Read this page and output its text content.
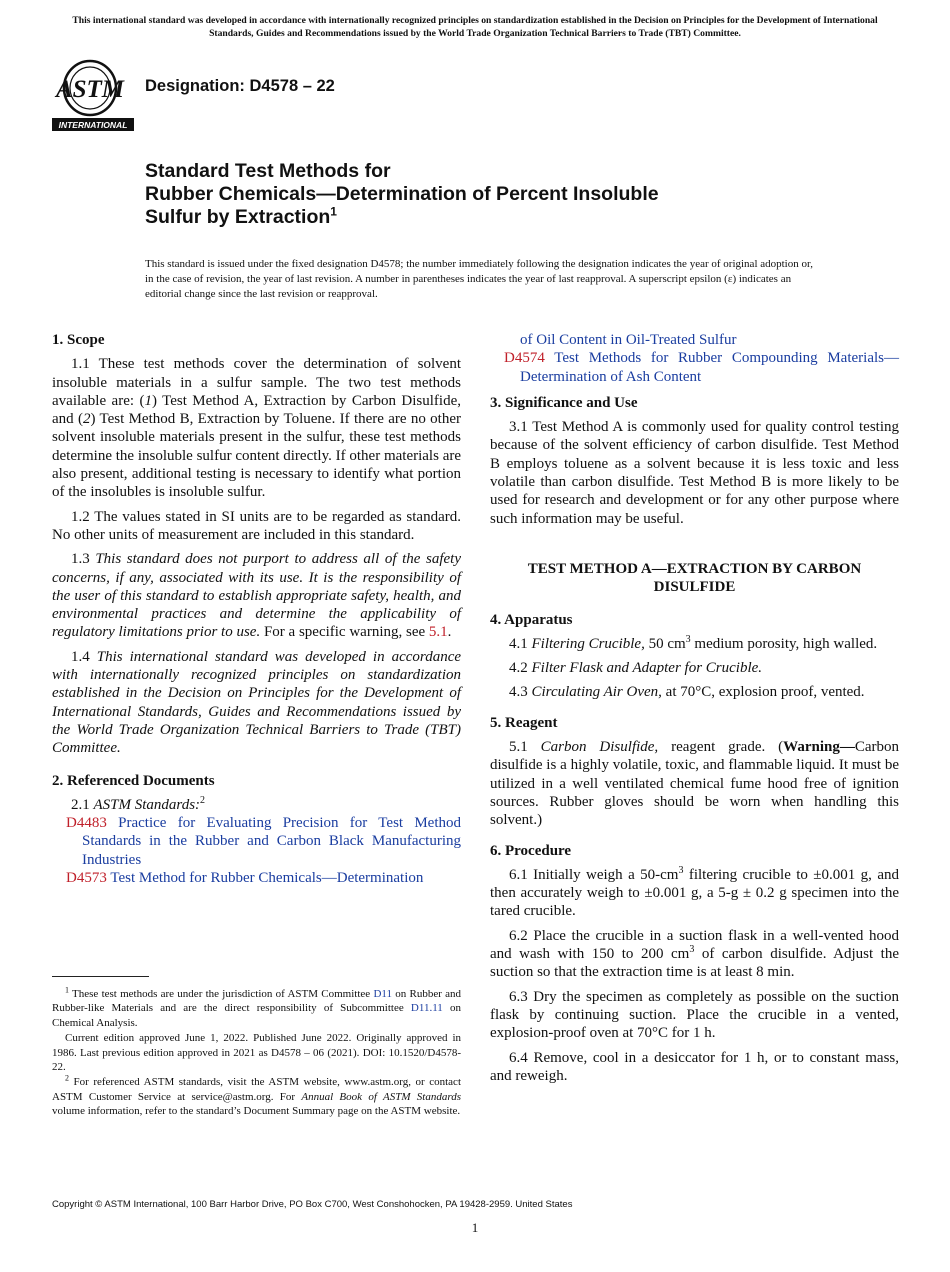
This international standard was developed in accordance with internationally recognized principles on standardization established in the Decision on Principles for the Development of International Standards, Guides and Recommendations issued by the World Trade Organization Technical Barriers to Trade (TBT) Committee.
ASTM
INTERNATIONAL
Designation: D4578 – 22
Standard Test Methods for
Rubber Chemicals—Determination of Percent Insoluble
Sulfur by Extraction$^1$
This standard is issued under the fixed designation D4578; the number immediately following the designation indicates the year of original adoption or, in the case of revision, the year of last revision. A number in parentheses indicates the year of last reapproval. A superscript epsilon (ε) indicates an editorial change since the last revision or reapproval.
1. Scope

1.1 These test methods cover the determination of solvent insoluble materials in a sulfur sample. The two test methods available are: (1) Test Method A, Extraction by Carbon Disulfide, and (2) Test Method B, Extraction by Toluene. If there are no other solvent insoluble materials present in the sulfur, these test methods determine the insoluble sulfur content directly. If other materials are also present, additional testing is necessary to identify what portion of the insolubles is insoluble sulfur.

1.2 The values stated in SI units are to be regarded as standard. No other units of measurement are included in this standard.

1.3 This standard does not purport to address all of the safety concerns, if any, associated with its use. It is the responsibility of the user of this standard to establish appropriate safety, health, and environmental practices and determine the applicability of regulatory limitations prior to use. For a specific warning, see 5.1.

1.4 This international standard was developed in accordance with internationally recognized principles on standardization established in the Decision on Principles for the Development of International Standards, Guides and Recommendations issued by the World Trade Organization Technical Barriers to Trade (TBT) Committee.

2. Referenced Documents

2.1 ASTM Standards:$^2$

D4483 Practice for Evaluating Precision for Test Method Standards in the Rubber and Carbon Black Manufacturing Industries
D4573 Test Method for Rubber Chemicals—Determination

$^1$ These test methods are under the jurisdiction of ASTM Committee D11 on Rubber and Rubber-like Materials and are the direct responsibility of Subcommittee D11.11 on Chemical Analysis.

Current edition approved June 1, 2022. Published June 2022. Originally approved in 1986. Last previous edition approved in 2021 as D4578 – 06 (2021). DOI: 10.1520/D4578-22.

$^2$ For referenced ASTM standards, visit the ASTM website, www.astm.org, or contact ASTM Customer Service at service@astm.org. For Annual Book of ASTM Standards volume information, refer to the standard’s Document Summary page on the ASTM website.

of Oil Content in Oil-Treated Sulfur
D4574 Test Methods for Rubber Compounding Materials—Determination of Ash Content
3. Significance and Use

3.1 Test Method A is commonly used for quality control testing because of the solvent efficiency of carbon disulfide. Test Method B employs toluene as a solvent because it is less toxic and less volatile than carbon disulfide. Test Method B is more likely to be used for research and development or for any other purpose where such information may be useful.

TEST METHOD A—EXTRACTION BY CARBON DISULFIDE
4. Apparatus

4.1 Filtering Crucible, 50 $cm^3$ medium porosity, high walled.

4.2 Filter Flask and Adapter for Crucible.

4.3 Circulating Air Oven, at 70°C, explosion proof, vented.

5. Reagent

5.1 Carbon Disulfide, reagent grade. (Warning—Carbon disulfide is a highly volatile, toxic, and flammable liquid. It must be utilized in a well ventilated chemical fume hood free of ignition sources. Rubber gloves should be worn when handling this solvent.)

6. Procedure

6.1 Initially weigh a $50-cm^3$ filtering crucible to ±0.001 g, and then accurately weigh to ±0.001 g, a 5-g ± 0.2 g specimen into the tared crucible.

6.2 Place the crucible in a suction flask in a well-vented hood and wash with 150 to 200 $cm^3$ of carbon disulfide. Adjust the suction so that the extraction time is at least 8 min.

6.3 Dry the specimen as completely as possible on the suction flask by continuing suction. Place the crucible in a vented, explosion-proof oven at 70°C for 1 h.

6.4 Remove, cool in a desiccator for 1 h, or to constant mass, and reweigh.

Copyright © ASTM International, 100 Barr Harbor Drive, PO Box C700, West Conshohocken, PA 19428-2959. United States
1
